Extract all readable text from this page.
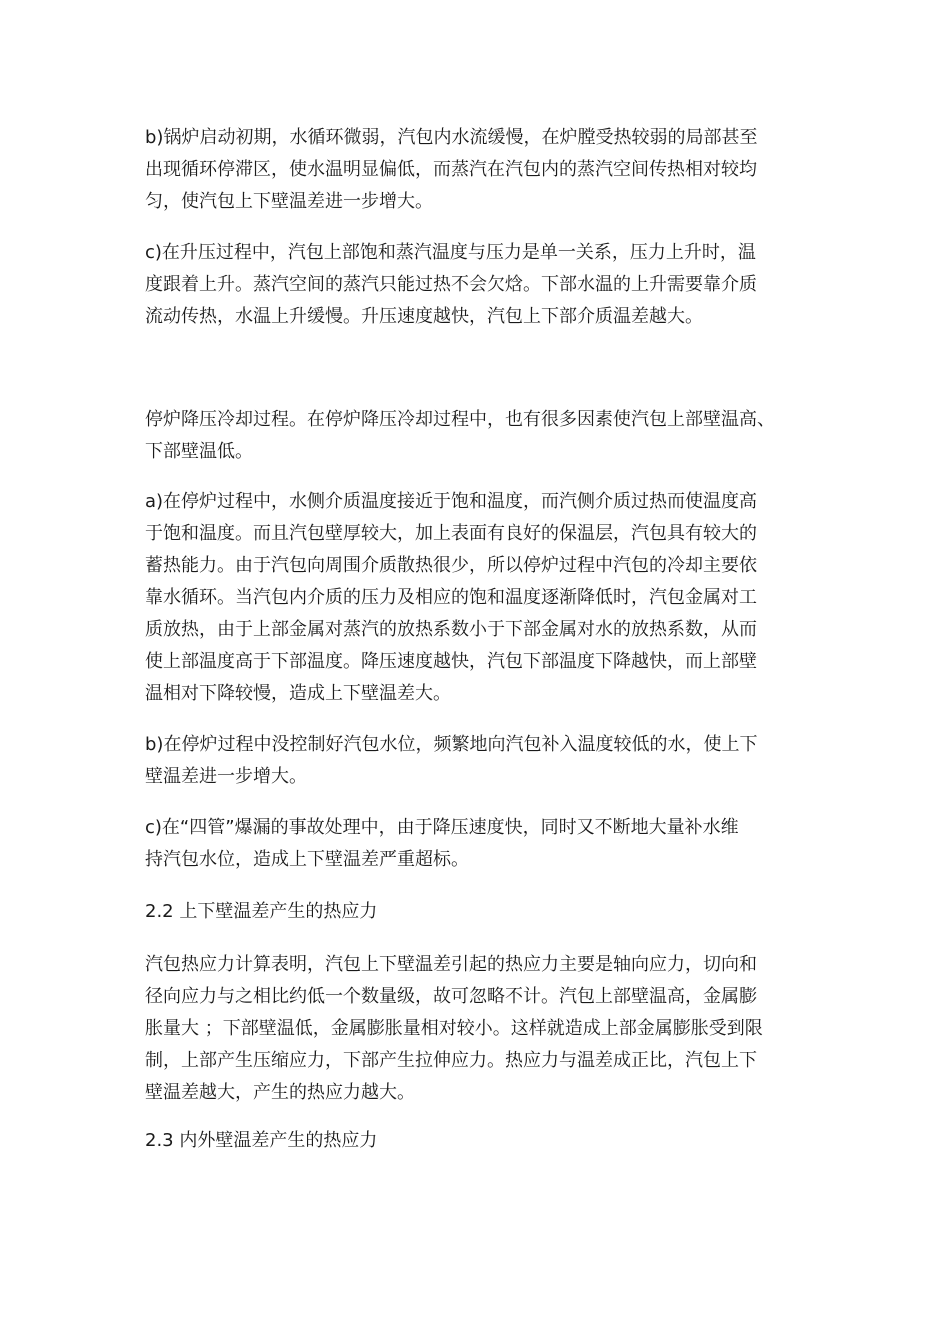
b)锅炉启动初期，水循环微弱，汽包内水流缓慢，在炉膛受热较弱的局部甚至
出现循环停滞区，使水温明显偏低，而蒸汽在汽包内的蒸汽空间传热相对较均
匀，使汽包上下壁温差进一步增大。

c)在升压过程中，汽包上部饱和蒸汽温度与压力是单一关系，压力上升时，温
度跟着上升。蒸汽空间的蒸汽只能过热不会欠焓。下部水温的上升需要靠介质
流动传热，水温上升缓慢。升压速度越快，汽包上下部介质温差越大。

停炉降压冷却过程。在停炉降压冷却过程中，也有很多因素使汽包上部壁温高、
下部壁温低。

a)在停炉过程中，水侧介质温度接近于饱和温度，而汽侧介质过热而使温度高
于饱和温度。而且汽包壁厚较大，加上表面有良好的保温层，汽包具有较大的
蓄热能力。由于汽包向周围介质散热很少，所以停炉过程中汽包的冷却主要依
靠水循环。当汽包内介质的压力及相应的饱和温度逐渐降低时，汽包金属对工
质放热，由于上部金属对蒸汽的放热系数小于下部金属对水的放热系数，从而
使上部温度高于下部温度。降压速度越快，汽包下部温度下降越快，而上部壁
温相对下降较慢，造成上下壁温差大。

b)在停炉过程中没控制好汽包水位，频繁地向汽包补入温度较低的水，使上下
壁温差进一步增大。

c)在“四管”爆漏的事故处理中，由于降压速度快，同时又不断地大量补水维
持汽包水位，造成上下壁温差严重超标。

2.2 上下壁温差产生的热应力

汽包热应力计算表明，汽包上下壁温差引起的热应力主要是轴向应力，切向和
径向应力与之相比约低一个数量级，故可忽略不计。汽包上部壁温高，金属膨
胀量大 ；下部壁温低，金属膨胀量相对较小。这样就造成上部金属膨胀受到限
制，上部产生压缩应力，下部产生拉伸应力。热应力与温差成正比，汽包上下
壁温差越大，产生的热应力越大。

2.3 内外壁温差产生的热应力
